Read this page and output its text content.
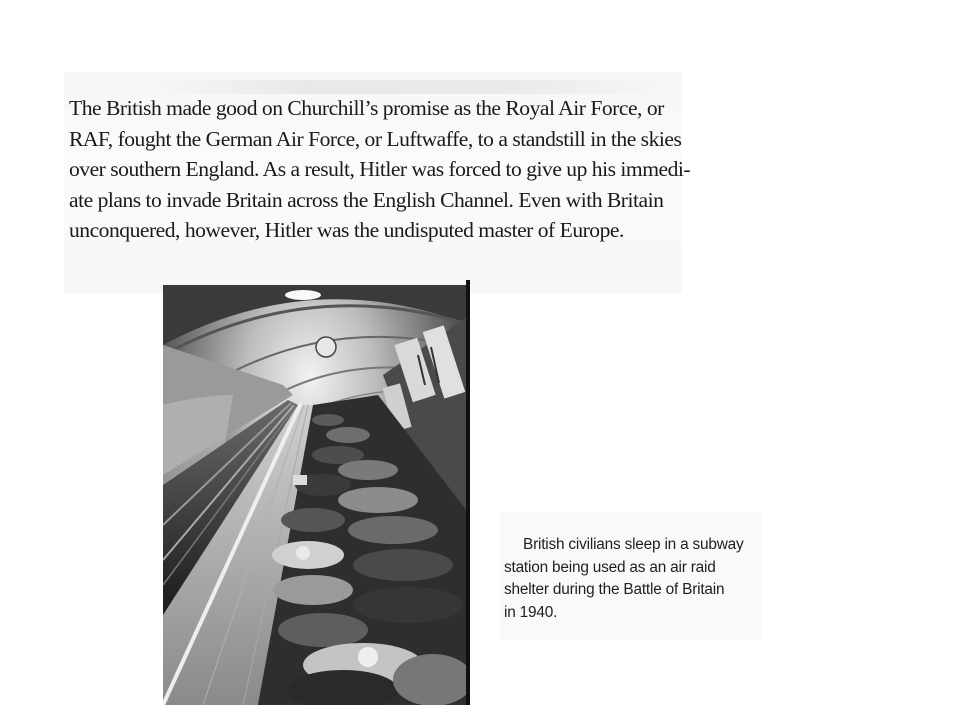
The British made good on Churchill’s promise as the Royal Air Force, or
RAF, fought the German Air Force, or Luftwaffe, to a standstill in the skies
over southern England. As a result, Hitler was forced to give up his immedi-
ate plans to invade Britain across the English Channel. Even with Britain
unconquered, however, Hitler was the undisputed master of Europe.

British civilians sleep in a subway
station being used as an air raid
shelter during the Battle of Britain
in 1940.
